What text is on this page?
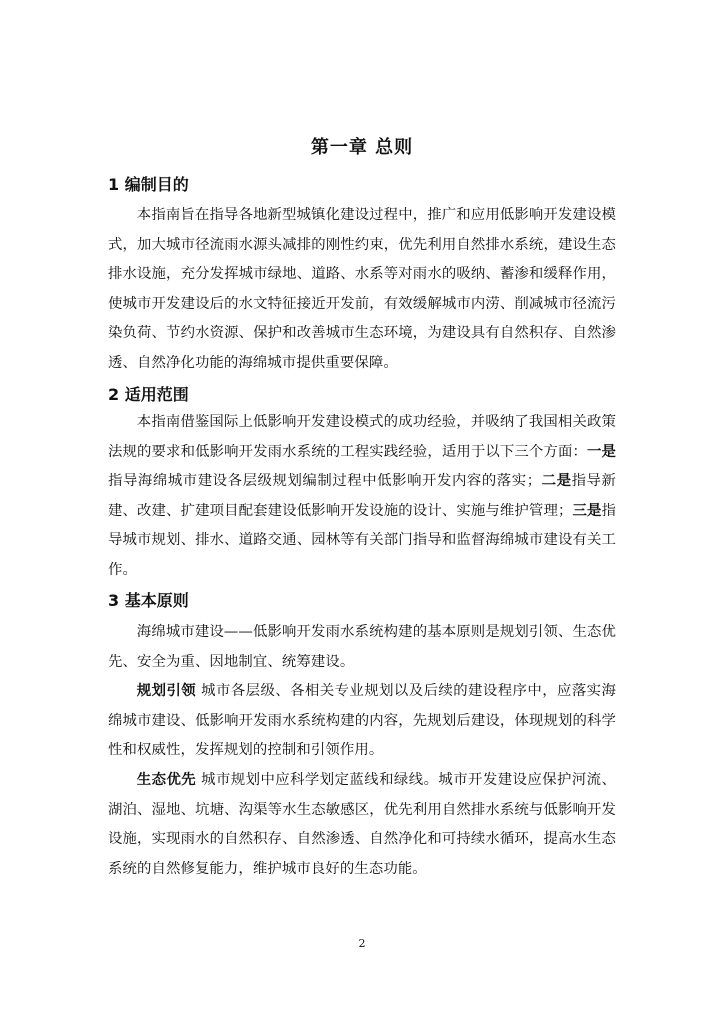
第一章 总则
1 编制目的

本指南旨在指导各地新型城镇化建设过程中，推广和应用低影响开发建设模式，加大城市径流雨水源头减排的刚性约束，优先利用自然排水系统，建设生态排水设施，充分发挥城市绿地、道路、水系等对雨水的吸纳、蓄渗和缓释作用，使城市开发建设后的水文特征接近开发前，有效缓解城市内涝、削减城市径流污染负荷、节约水资源、保护和改善城市生态环境，为建设具有自然积存、自然渗透、自然净化功能的海绵城市提供重要保障。

2 适用范围

本指南借鉴国际上低影响开发建设模式的成功经验，并吸纳了我国相关政策法规的要求和低影响开发雨水系统的工程实践经验，适用于以下三个方面：一是指导海绵城市建设各层级规划编制过程中低影响开发内容的落实；二是指导新建、改建、扩建项目配套建设低影响开发设施的设计、实施与维护管理；三是指导城市规划、排水、道路交通、园林等有关部门指导和监督海绵城市建设有关工作。

3 基本原则

海绵城市建设——低影响开发雨水系统构建的基本原则是规划引领、生态优先、安全为重、因地制宜、统筹建设。

规划引领 城市各层级、各相关专业规划以及后续的建设程序中，应落实海绵城市建设、低影响开发雨水系统构建的内容，先规划后建设，体现规划的科学性和权威性，发挥规划的控制和引领作用。

生态优先 城市规划中应科学划定蓝线和绿线。城市开发建设应保护河流、湖泊、湿地、坑塘、沟渠等水生态敏感区，优先利用自然排水系统与低影响开发设施，实现雨水的自然积存、自然渗透、自然净化和可持续水循环，提高水生态系统的自然修复能力，维护城市良好的生态功能。

2
